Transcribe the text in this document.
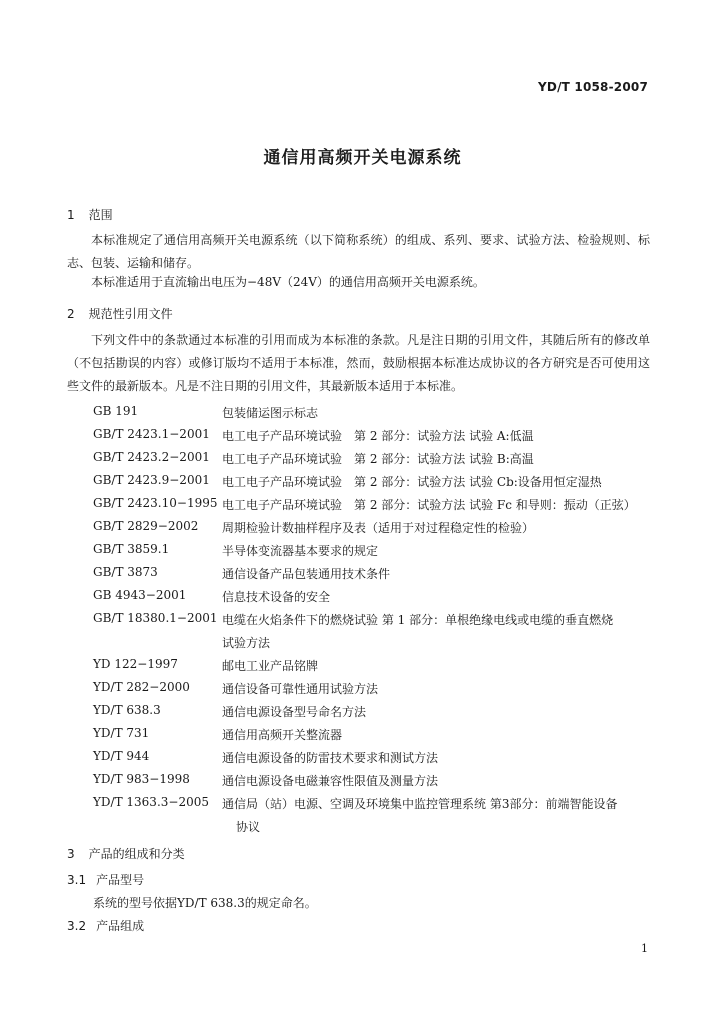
YD/T 1058-2007
通信用高频开关电源系统
1 范围
本标准规定了通信用高频开关电源系统（以下简称系统）的组成、系列、要求、试验方法、检验规则、标志、包装、运输和储存。
本标准适用于直流输出电压为−48V（24V）的通信用高频开关电源系统。
2 规范性引用文件
下列文件中的条款通过本标准的引用而成为本标准的条款。凡是注日期的引用文件，其随后所有的修改单（不包括勘误的内容）或修订版均不适用于本标准，然而，鼓励根据本标准达成协议的各方研究是否可使用这些文件的最新版本。凡是不注日期的引用文件，其最新版本适用于本标准。
GB 191	包装储运图示标志
GB/T 2423.1−2001 电工电子产品环境试验　第 2 部分：试验方法 试验 A:低温
GB/T 2423.2−2001 电工电子产品环境试验　第 2 部分：试验方法 试验 B:高温
GB/T 2423.9−2001 电工电子产品环境试验　第 2 部分：试验方法 试验 Cb:设备用恒定湿热
GB/T 2423.10−1995 电工电子产品环境试验　第 2 部分：试验方法 试验 Fc 和导则：振动（正弦）
GB/T 2829−2002 周期检验计数抽样程序及表（适用于对过程稳定性的检验）
GB/T 3859.1	半导体变流器基本要求的规定
GB/T 3873	通信设备产品包装通用技术条件
GB 4943−2001	信息技术设备的安全
GB/T 18380.1−2001 电缆在火焰条件下的燃烧试验 第 1 部分：单根绝缘电线或电缆的垂直燃烧
试验方法
YD 122−1997	邮电工业产品铭牌
YD/T 282−2000	通信设备可靠性通用试验方法
YD/T 638.3	通信电源设备型号命名方法
YD/T 731	通信用高频开关整流器
YD/T 944	通信电源设备的防雷技术要求和测试方法
YD/T 983−1998	通信电源设备电磁兼容性限值及测量方法
YD/T 1363.3−2005 通信局（站）电源、空调及环境集中监控管理系统 第3部分：前端智能设备
协议
3 产品的组成和分类
3.1 产品型号
系统的型号依据YD/T 638.3的规定命名。
3.2 产品组成
1
